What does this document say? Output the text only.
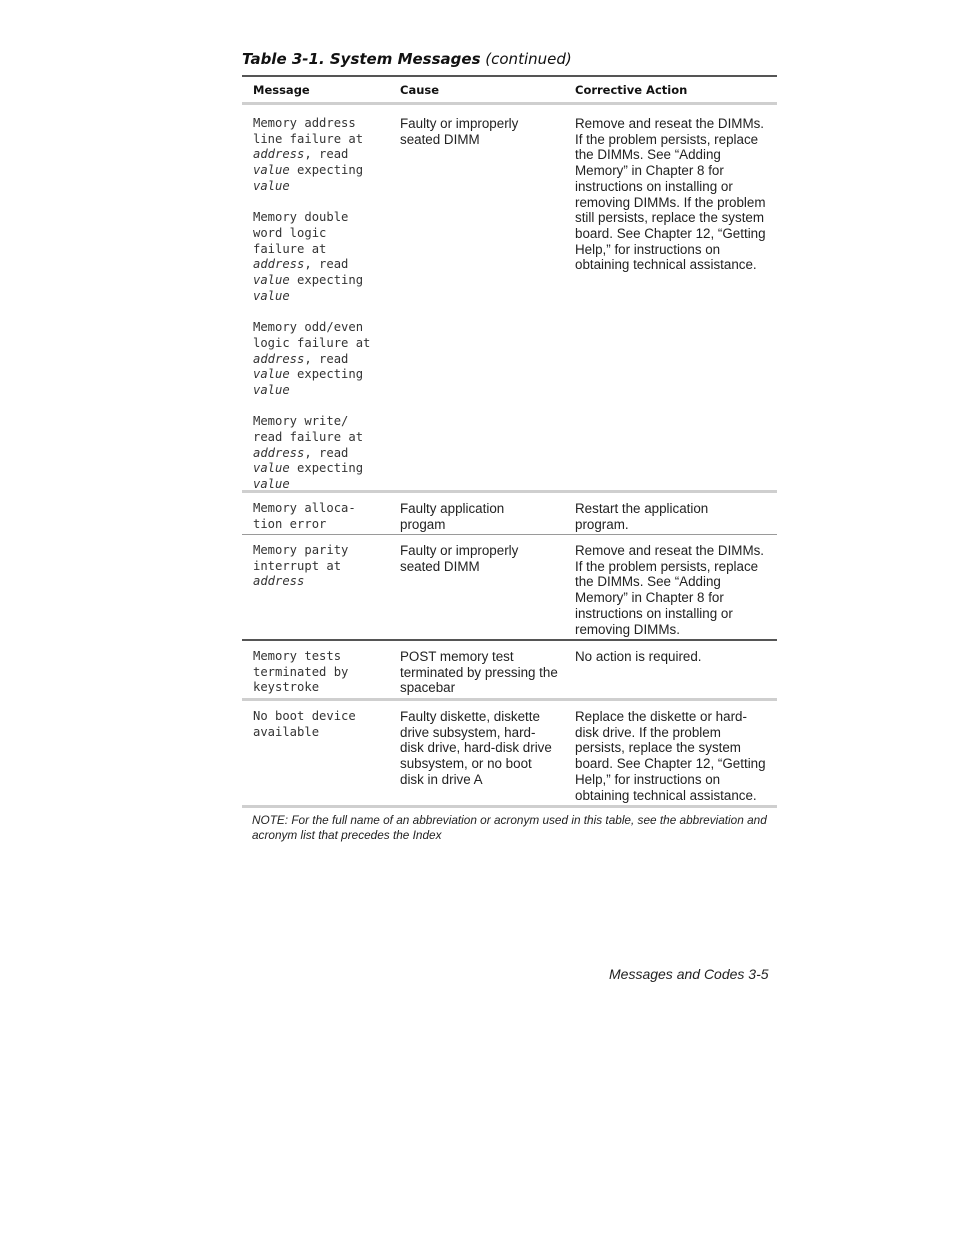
Table 3-1. System Messages (continued)
Message	Cause	Corrective Action
Memory address
line failure at
address, read
value expecting
value
Memory double
word logic
failure at
address, read
value expecting
value
Memory odd/even
logic failure at
address, read
value expecting
value
Memory write/
read failure at
address, read
value expecting
value
Faulty or improperly seated DIMM
Remove and reseat the DIMMs. If the problem persists, replace the DIMMs. See “Adding Memory” in Chapter 8 for instructions on installing or removing DIMMs. If the problem still persists, replace the system board. See Chapter 12, “Getting Help,” for instructions on obtaining technical assistance.
Memory alloca-
tion error
Faulty application progam
Restart the application program.
Memory parity
interrupt at
address
Faulty or improperly seated DIMM
Remove and reseat the DIMMs. If the problem persists, replace the DIMMs. See “Adding Memory” in Chapter 8 for instructions on installing or removing DIMMs.
Memory tests
terminated by
keystroke
POST memory test terminated by pressing the spacebar
No action is required.
No boot device
available
Faulty diskette, diskette drive subsystem, hard-disk drive, hard-disk drive subsystem, or no boot disk in drive A
Replace the diskette or hard-disk drive. If the problem persists, replace the system board. See Chapter 12, “Getting Help,” for instructions on obtaining technical assistance.
NOTE: For the full name of an abbreviation or acronym used in this table, see the abbreviation and acronym list that precedes the Index
Messages and Codes 3-5
